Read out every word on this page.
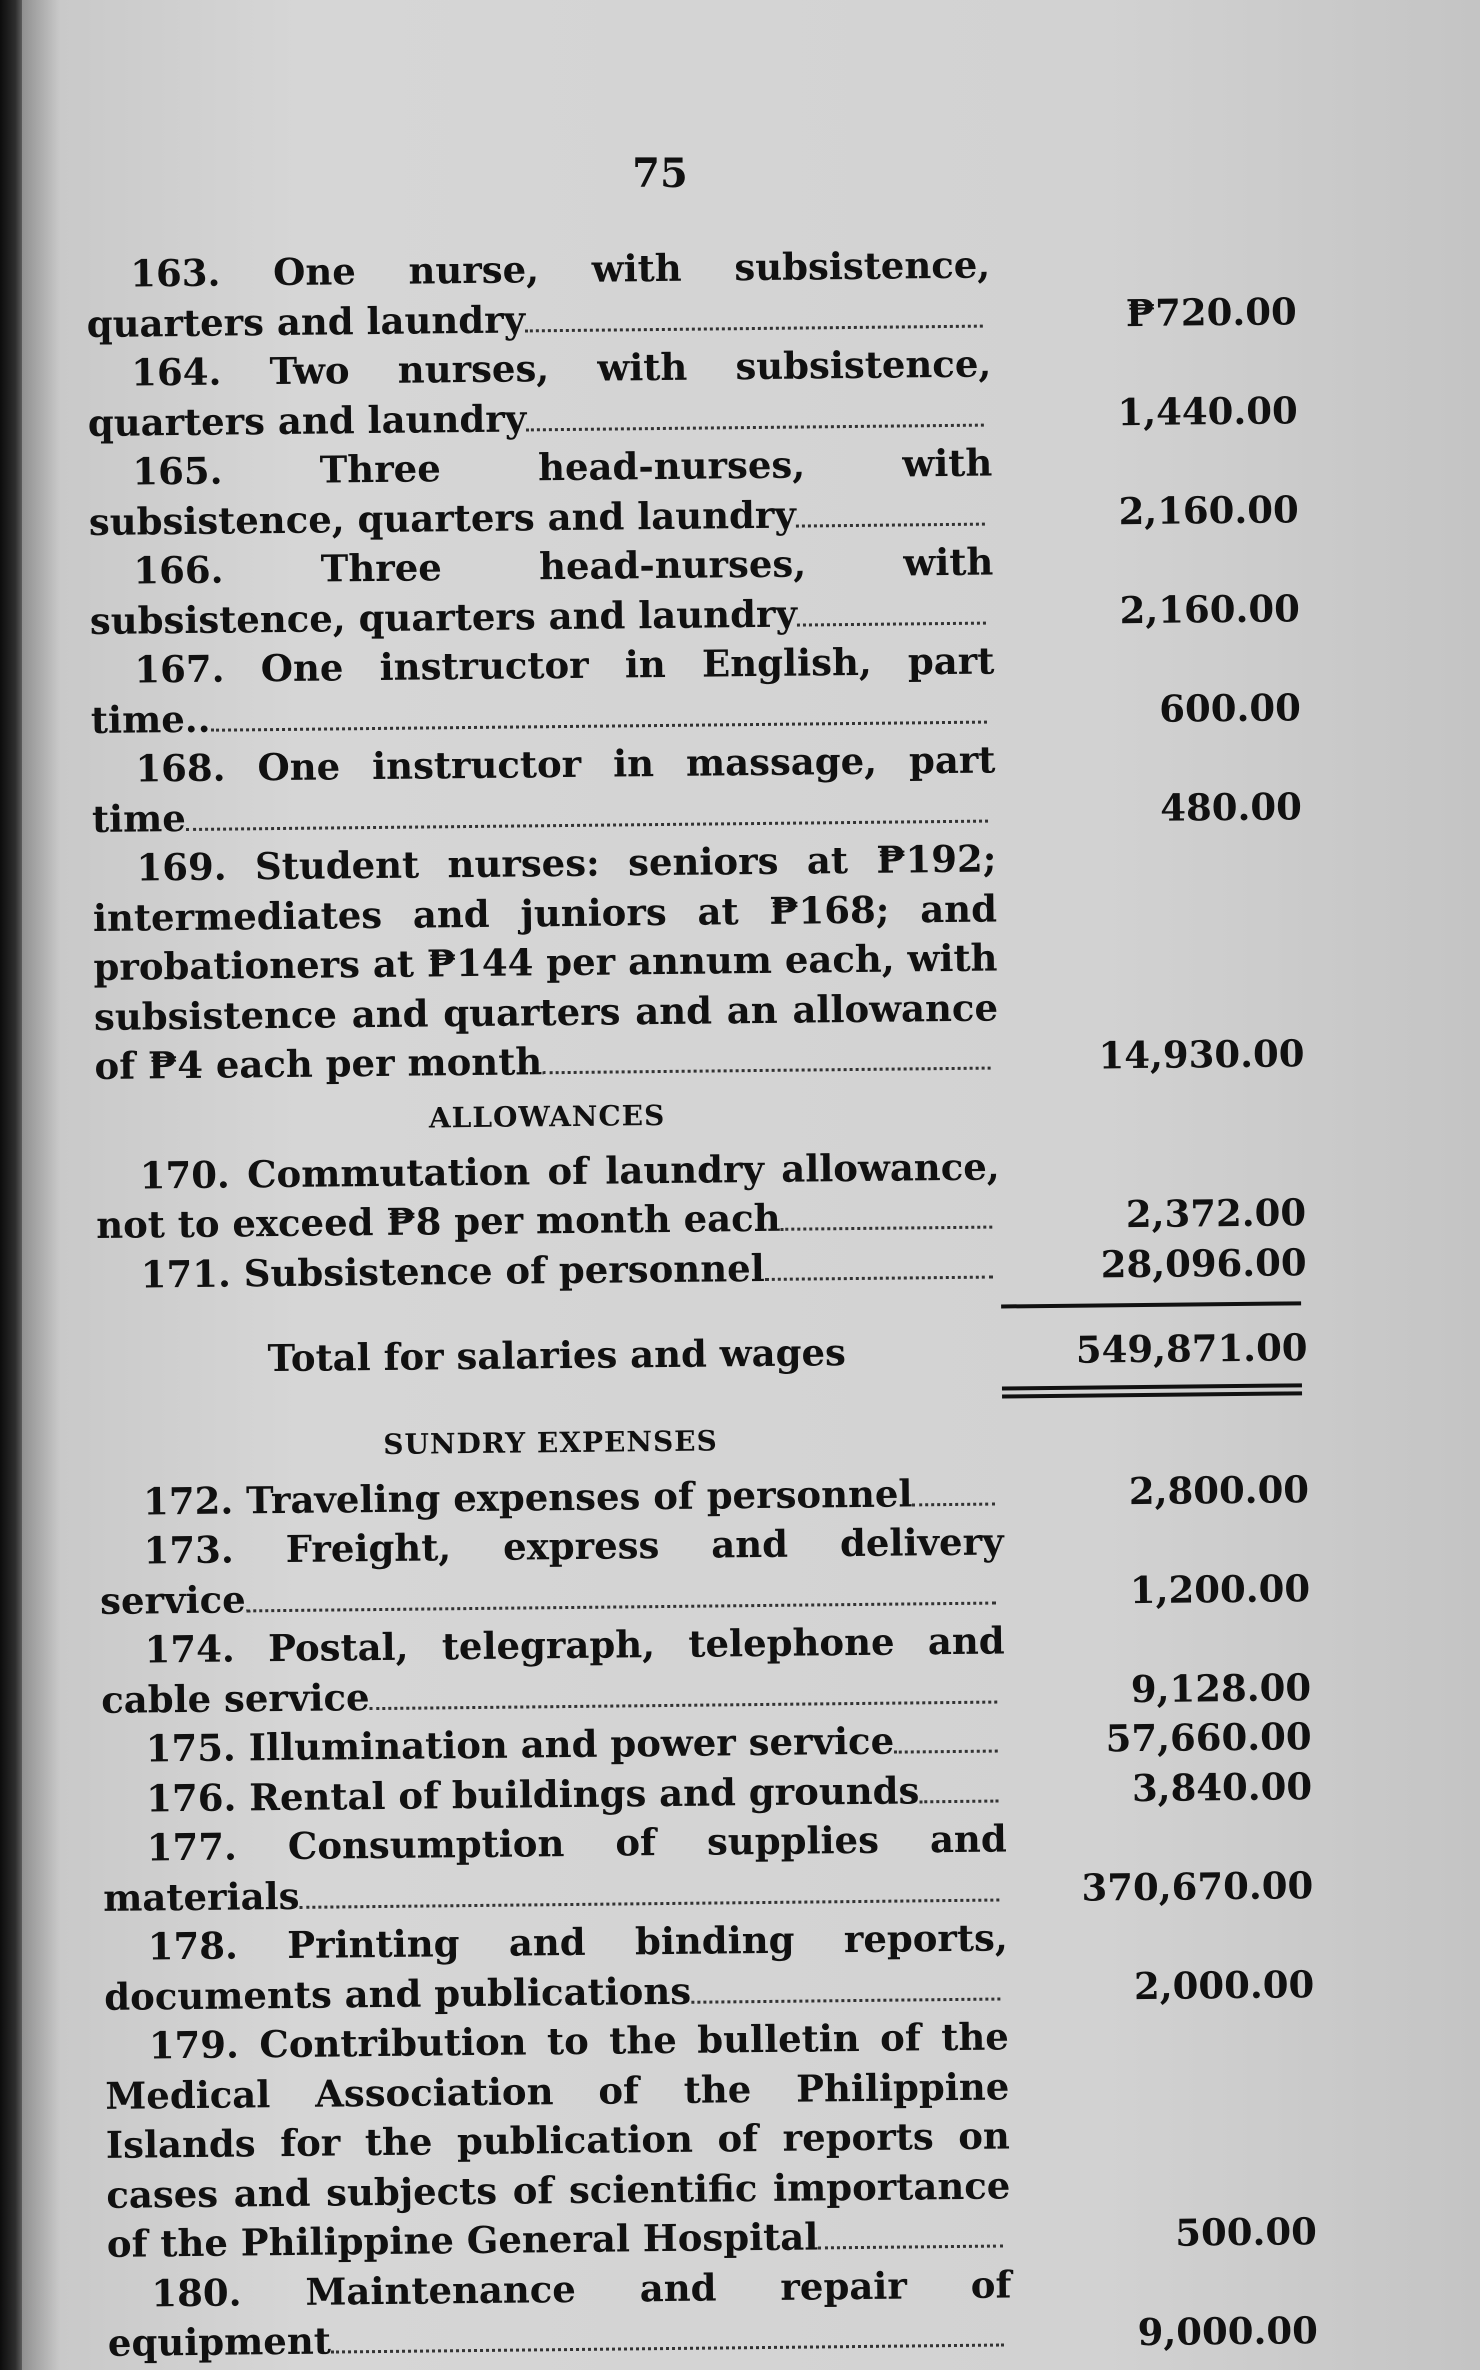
75
163. One nurse, with subsistence, quarters and laundry	₱720.00
164. Two nurses, with subsistence, quarters and laundry	1,440.00
165.	Three head-nurses, with subsistence, quarters and laundry	2,160.00
166.	Three head-nurses, with subsistence, quarters and laundry	2,160.00
167. One instructor in English, part time..	600.00
168. One instructor in massage, part time	480.00
169. Student nurses: seniors at ₱192; intermediates and juniors at ₱168; and probationers at ₱144 per annum each, with subsistence and quarters and an allowance of ₱4 each per month	14,930.00
ALLOWANCES
170. Commutation of laundry allowance, not to exceed ₱8 per month each	2,372.00
171. Subsistence of personnel	28,096.00
Total for salaries and wages	549,871.00
SUNDRY EXPENSES
172. Traveling expenses of personnel	2,800.00
173. Freight, express and delivery service	1,200.00
174. Postal, telegraph, telephone and cable service	9,128.00
175. Illumination and power service	57,660.00
176. Rental of buildings and grounds	3,840.00
177. Consumption of supplies and materials	370,670.00
178. Printing and binding reports, documents and publications	2,000.00
179. Contribution to the bulletin of the Medical Association of the Philippine Islands for the publication of reports on cases and subjects of scientific importance of the Philippine General Hospital	500.00
180. Maintenance and repair of equipment	9,000.00
